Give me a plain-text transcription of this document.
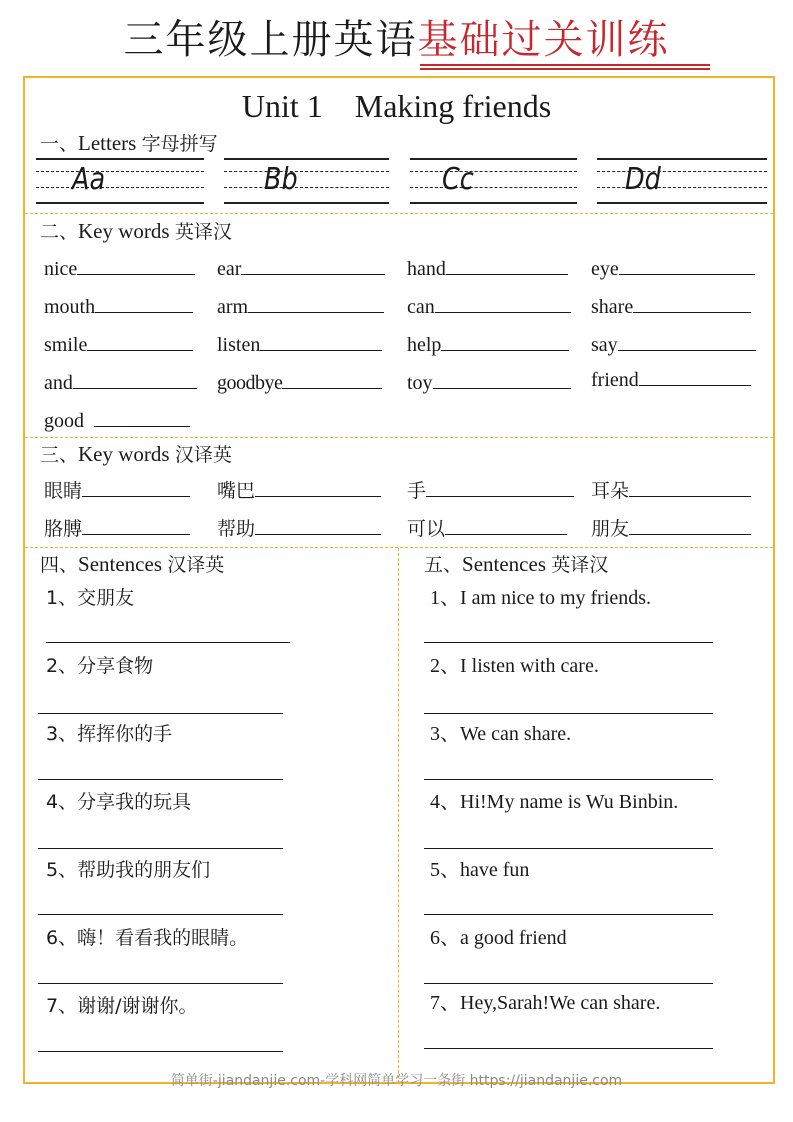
三年级上册英语基础过关训练
Unit 1    Making friends
一、Letters 字母拼写
Aa	Bb	Cc	Dd
二、Key words 英译汉
nice	ear	hand	eye
mouth	arm	can	share
smile	listen	help	say
and	goodbye	toy	friend
good
三、Key words 汉译英
眼睛	嘴巴	手	耳朵
胳膊	帮助	可以	朋友
四、Sentences 汉译英
1、交朋友
2、分享食物
3、挥挥你的手
4、分享我的玩具
5、帮助我的朋友们
6、嗨！看看我的眼睛。
7、谢谢/谢谢你。
五、Sentences 英译汉
1、I am nice to my friends.
2、I listen with care.
3、We can share.
4、Hi!My name is Wu Binbin.
5、have fun
6、a good friend
7、Hey,Sarah!We can share.
简单街-jiandanjie.com-学科网简单学习一条街 https://jiandanjie.com
